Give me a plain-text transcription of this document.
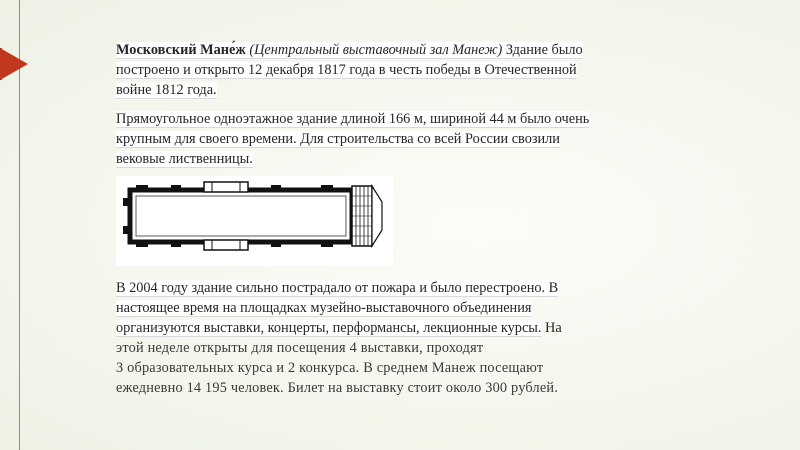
Московский Мане́ж (Центральный выставочный зал Манеж) Здание было
построено и открыто 12 декабря 1817 года в честь победы в Отечественной
войне 1812 года.

Прямоугольное одноэтажное здание длиной 166 м, шириной 44 м было очень
крупным для своего времени. Для строительства со всей России свозили
вековые лиственницы.

В 2004 году здание сильно пострадало от пожара и было перестроено. В
настоящее время на площадках музейно-выставочного объединения
организуются выставки, концерты, перформансы, лекционные курсы. На
этой неделе открыты для посещения 4 выставки, проходят
3 образовательных курса и 2 конкурса. В среднем Манеж посещают
ежедневно 14 195 человек. Билет на выставку стоит около 300 рублей.
